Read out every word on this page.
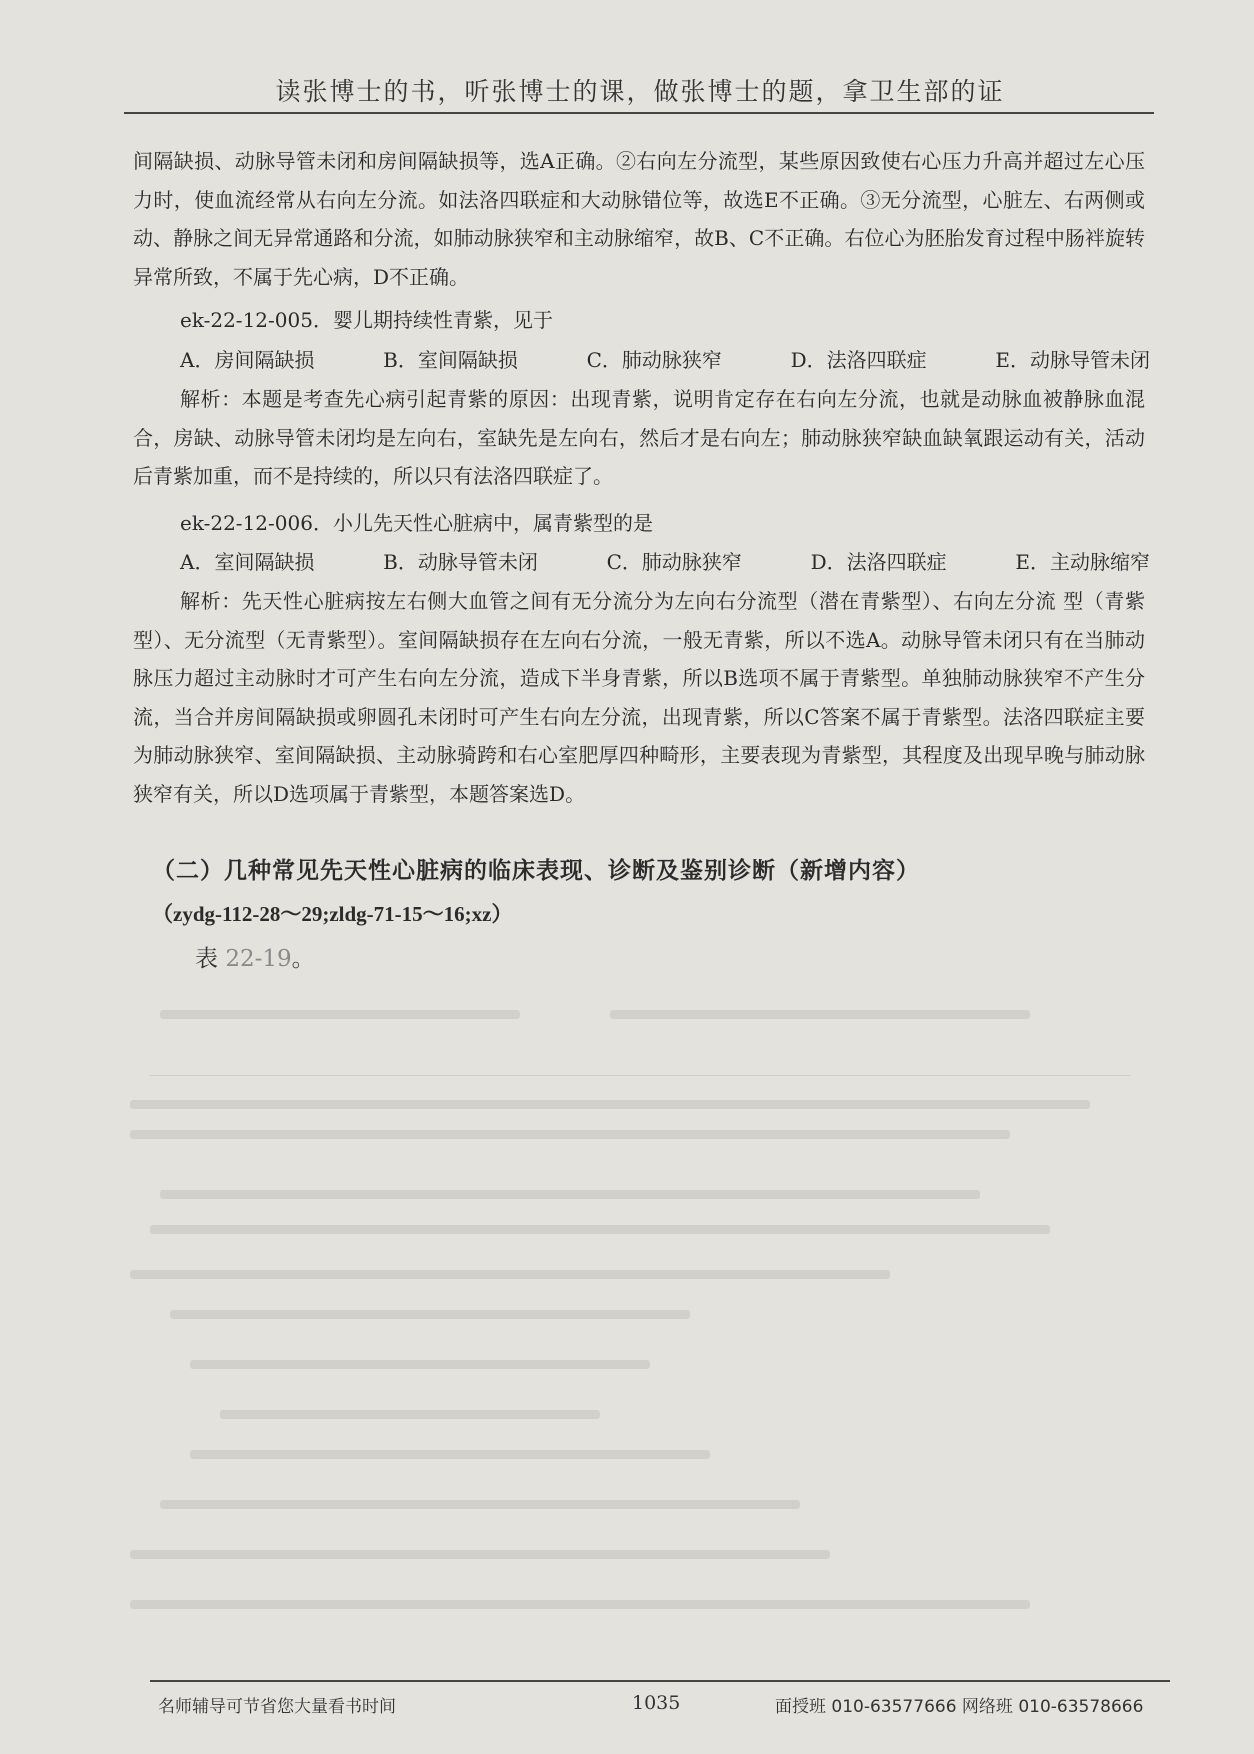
读张博士的书，听张博士的课，做张博士的题，拿卫生部的证

间隔缺损、动脉导管未闭和房间隔缺损等，选A正确。②右向左分流型，某些原因致使右心压力升高并超过左心压力时，使血流经常从右向左分流。如法洛四联症和大动脉错位等，故选E不正确。③无分流型，心脏左、右两侧或动、静脉之间无异常通路和分流，如肺动脉狭窄和主动脉缩窄，故B、C不正确。右位心为胚胎发育过程中肠袢旋转异常所致，不属于先心病，D不正确。

ek-22-12-005．婴儿期持续性青紫，见于
A．房间隔缺损	B．室间隔缺损	C．肺动脉狭窄	D．法洛四联症	E．动脉导管未闭

解析：本题是考查先心病引起青紫的原因：出现青紫，说明肯定存在右向左分流，也就是动脉血被静脉血混合，房缺、动脉导管未闭均是左向右，室缺先是左向右，然后才是右向左；肺动脉狭窄缺血缺氧跟运动有关，活动后青紫加重，而不是持续的，所以只有法洛四联症了。

ek-22-12-006．小儿先天性心脏病中，属青紫型的是
A．室间隔缺损	B．动脉导管未闭	C．肺动脉狭窄	D．法洛四联症	E．主动脉缩窄

解析：先天性心脏病按左右侧大血管之间有无分流分为左向右分流型（潜在青紫型）、右向左分流 型（青紫型）、无分流型（无青紫型）。室间隔缺损存在左向右分流，一般无青紫，所以不选A。动脉导管未闭只有在当肺动脉压力超过主动脉时才可产生右向左分流，造成下半身青紫，所以B选项不属于青紫型。单独肺动脉狭窄不产生分流，当合并房间隔缺损或卵圆孔未闭时可产生右向左分流，出现青紫，所以C答案不属于青紫型。法洛四联症主要为肺动脉狭窄、室间隔缺损、主动脉骑跨和右心室肥厚四种畸形，主要表现为青紫型，其程度及出现早晚与肺动脉狭窄有关，所以D选项属于青紫型，本题答案选D。

（二）几种常见先天性心脏病的临床表现、诊断及鉴别诊断（新增内容）
（zydg-112-28～29;zldg-71-15～16;xz）
表 22-19。
名师辅导可节省您大量看书时间	1035	面授班 010-63577666 网络班 010-63578666
